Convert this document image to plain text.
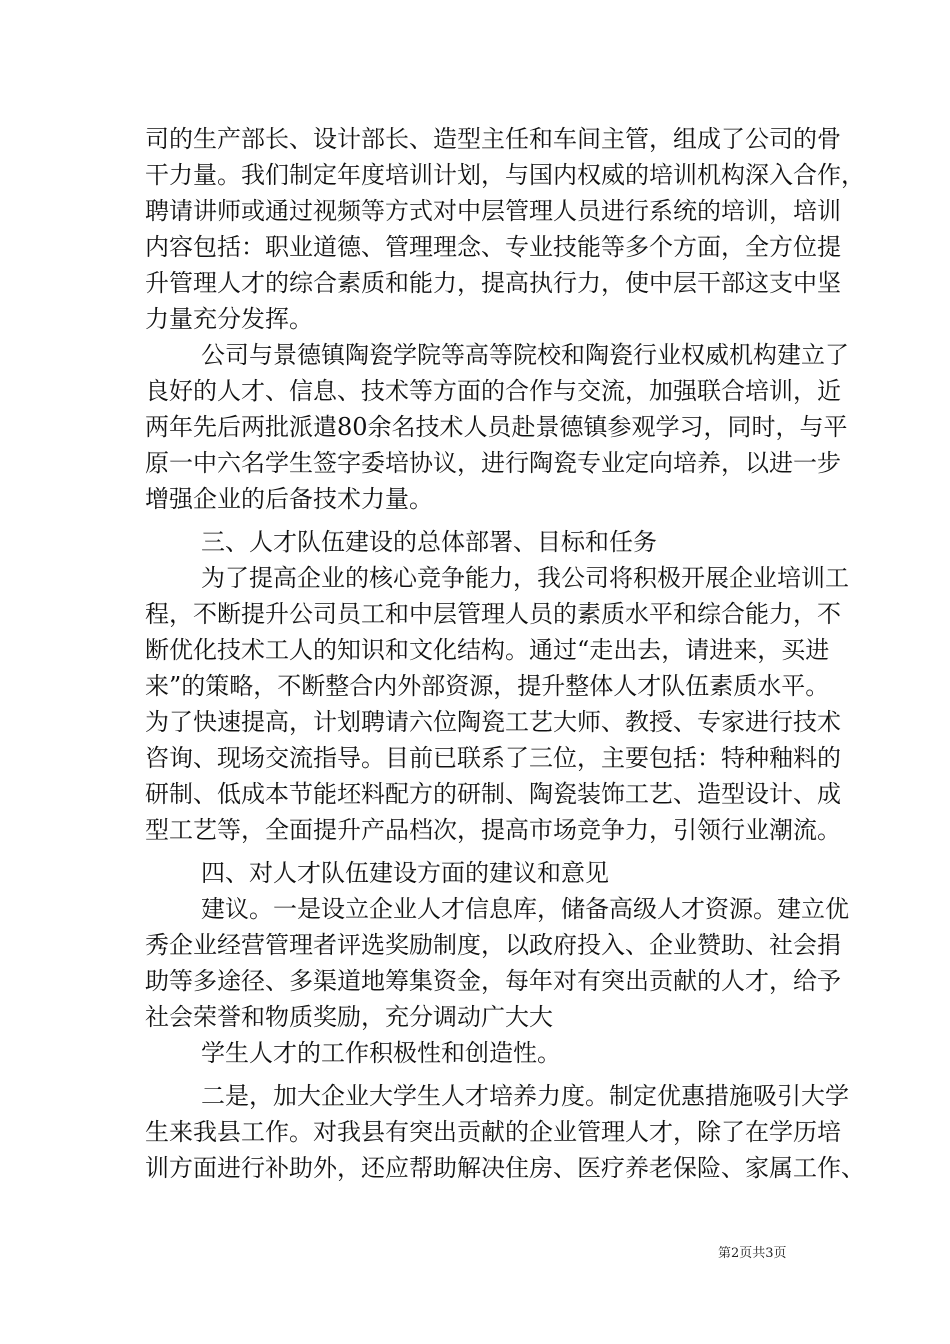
司的生产部长、设计部长、造型主任和车间主管，组成了公司的骨
干力量。我们制定年度培训计划，与国内权威的培训机构深入合作，
聘请讲师或通过视频等方式对中层管理人员进行系统的培训，培训
内容包括：职业道德、管理理念、专业技能等多个方面，全方位提
升管理人才的综合素质和能力，提高执行力，使中层干部这支中坚
力量充分发挥。
公司与景德镇陶瓷学院等高等院校和陶瓷行业权威机构建立了
良好的人才、信息、技术等方面的合作与交流，加强联合培训，近
两年先后两批派遣80余名技术人员赴景德镇参观学习，同时，与平
原一中六名学生签字委培协议，进行陶瓷专业定向培养，以进一步
增强企业的后备技术力量。
三、人才队伍建设的总体部署、目标和任务
为了提高企业的核心竞争能力，我公司将积极开展企业培训工
程，不断提升公司员工和中层管理人员的素质水平和综合能力，不
断优化技术工人的知识和文化结构。通过“走出去，请进来，买进
来”的策略，不断整合内外部资源，提升整体人才队伍素质水平。
为了快速提高，计划聘请六位陶瓷工艺大师、教授、专家进行技术
咨询、现场交流指导。目前已联系了三位，主要包括：特种釉料的
研制、低成本节能坯料配方的研制、陶瓷装饰工艺、造型设计、成
型工艺等，全面提升产品档次，提高市场竞争力，引领行业潮流。
四、对人才队伍建设方面的建议和意见
建议。一是设立企业人才信息库，储备高级人才资源。建立优
秀企业经营管理者评选奖励制度，以政府投入、企业赞助、社会捐
助等多途径、多渠道地筹集资金，每年对有突出贡献的人才，给予
社会荣誉和物质奖励，充分调动广大大
学生人才的工作积极性和创造性。
二是，加大企业大学生人才培养力度。制定优惠措施吸引大学
生来我县工作。对我县有突出贡献的企业管理人才，除了在学历培
训方面进行补助外，还应帮助解决住房、医疗养老保险、家属工作、
第2页共3页
